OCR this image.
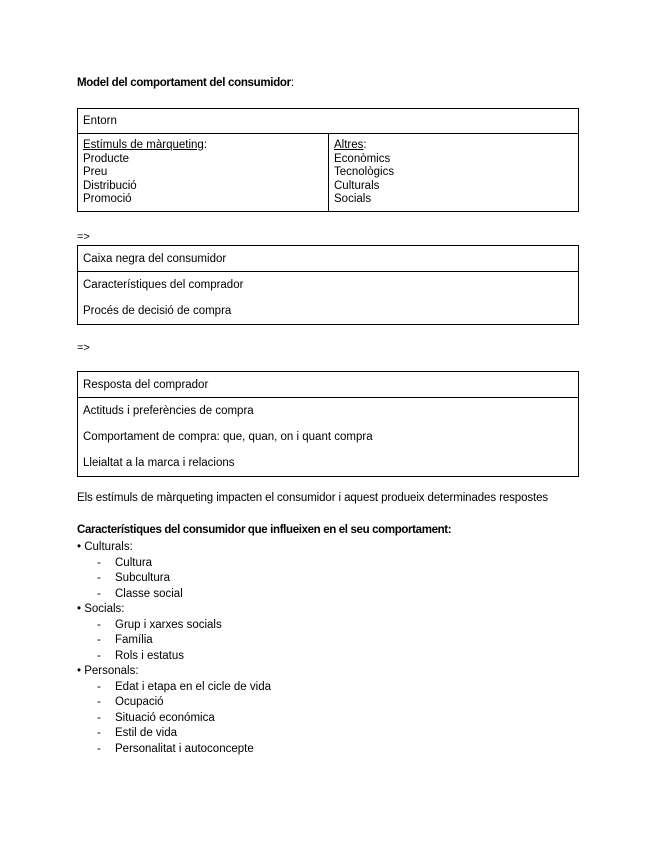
Model del comportament del consumidor:
Entorn
Estímuls de màrqueting:
Producte
Preu
Distribució
Promoció
Altres:
Econòmics
Tecnològics
Culturals
Socials
=>
Caixa negra del consumidor
Característiques del comprador
Procés de decisió de compra
=>
Resposta del comprador
Actituds i preferències de compra
Comportament de compra: que, quan, on i quant compra
Lleialtat a la marca i relacions
Els estímuls de màrqueting impacten el consumidor i aquest produeix determinades respostes
Característiques del consumidor que influeixen en el seu comportament:
• Culturals:
-	Cultura
-	Subcultura
-	Classe social
• Socials:
-	Grup i xarxes socials
-	Família
-	Rols i estatus
• Personals:
-	Edat i etapa en el cicle de vida
-	Ocupació
-	Situació económica
-	Estil de vida
-	Personalitat i autoconcepte
